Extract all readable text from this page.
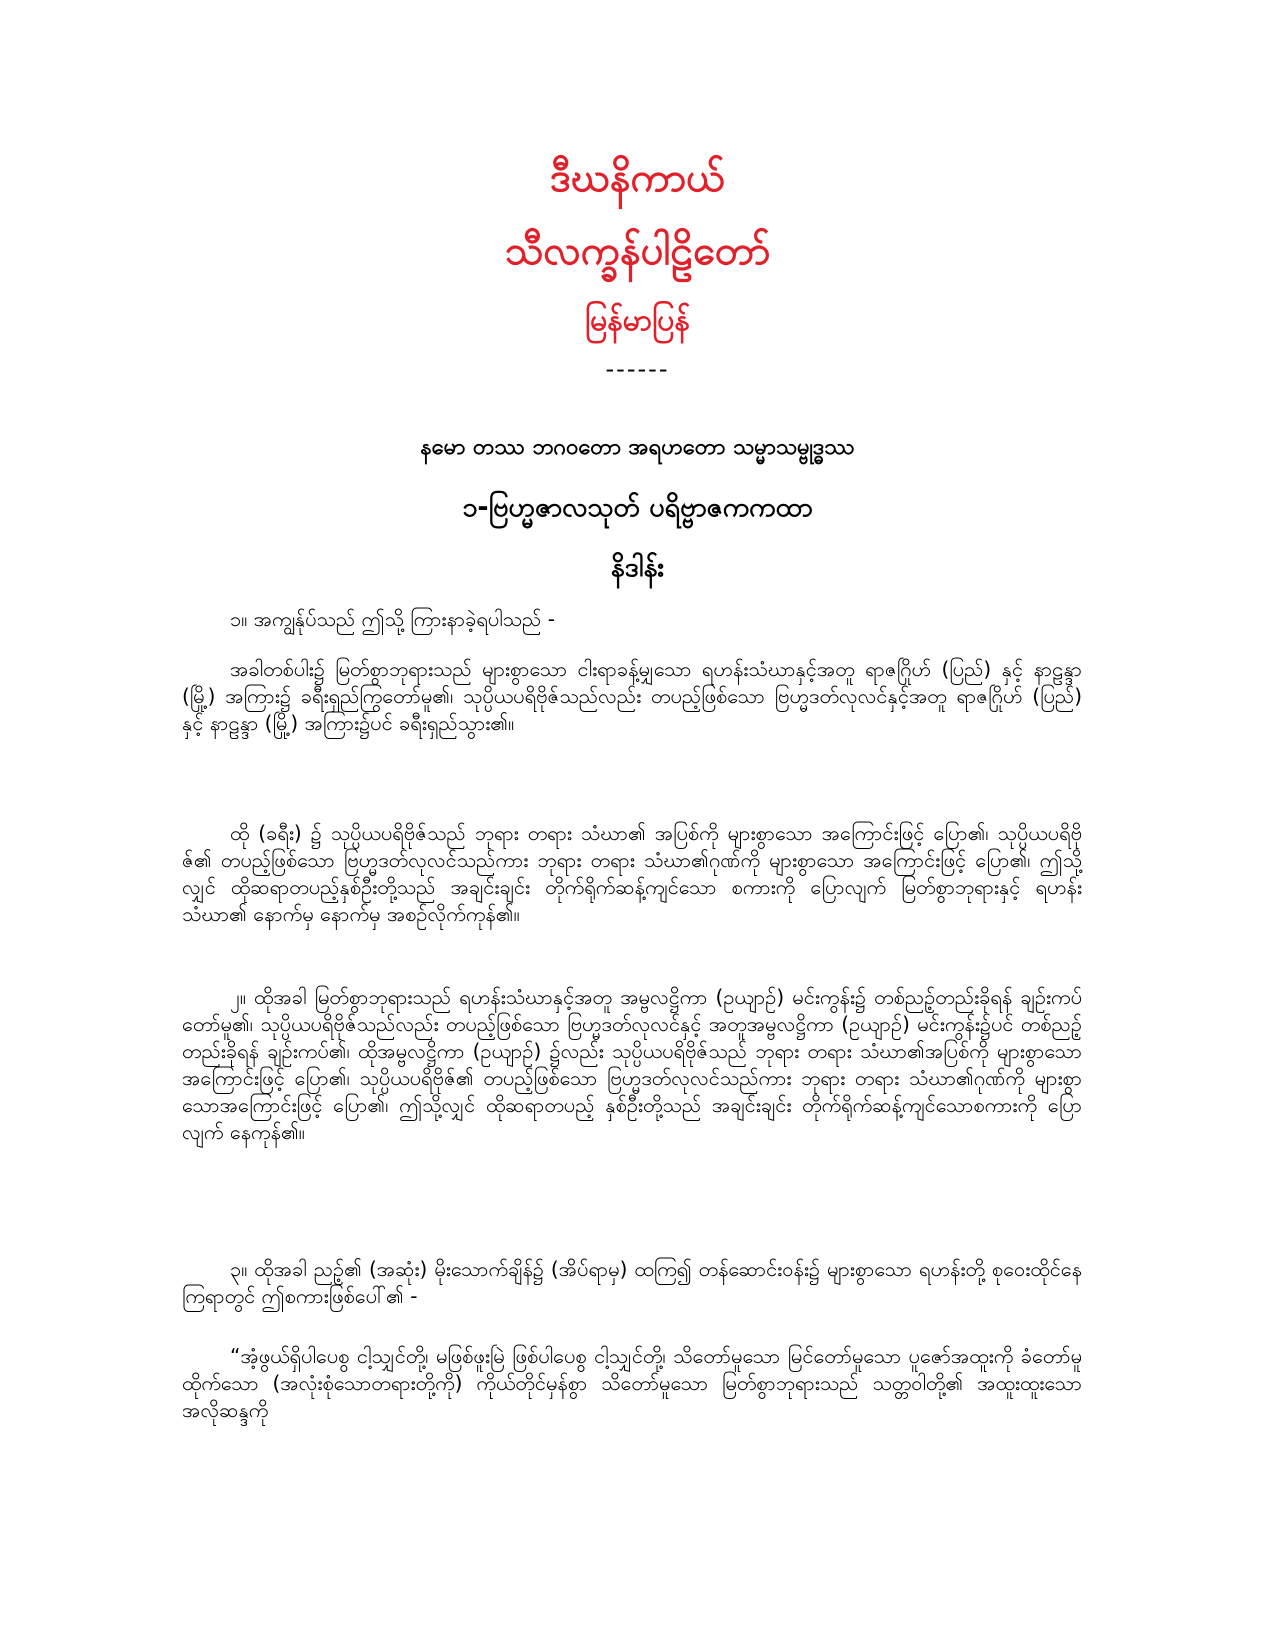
ဒီဃနိကာယ်
သီလက္ခန်ပါဠိတော်
မြန်မာပြန်
------
နမော တဿ ဘဂဝတော အရဟတော သမ္မာသမ္ဗုဒ္ဓဿ
၁-ဗြဟ္မဇာလသုတ် ပရိဗ္ဗာဇကကထာ
နိဒါန်း

၁။ အကျွန်ုပ်သည် ဤသို့ ကြားနာခဲ့ရပါသည် -

အခါတစ်ပါး၌ မြတ်စွာဘုရားသည် များစွာသော ငါးရာခန့်မျှသော ရဟန်းသံဃာနှင့်အတူ ရာဇဂြိုဟ် (ပြည်) နှင့် နာဠန္ဒာ (မြို့) အကြား၌ ခရီးရှည်ကြွတော်မူ၏၊ သုပ္ပိယပရိဗိုဇ်သည်လည်း တပည့်ဖြစ်သော ဗြဟ္မဒတ်လုလင်နှင့်အတူ ရာဇဂြိုဟ် (ပြည်) နှင့် နာဠန္ဒာ (မြို့) အကြား၌ပင် ခရီးရှည်သွား၏။

ထို (ခရီး) ၌ သုပ္ပိယပရိဗိုဇ်သည် ဘုရား တရား သံဃာ၏ အပြစ်ကို များစွာသော အကြောင်းဖြင့် ပြော၏၊ သုပ္ပိယပရိဗိုဇ်၏ တပည့်ဖြစ်သော ဗြဟ္မဒတ်လုလင်သည်ကား ဘုရား တရား သံဃာ၏ဂုဏ်ကို များစွာသော အကြောင်းဖြင့် ပြော၏၊ ဤသို့လျှင် ထိုဆရာတပည့်နှစ်ဦးတို့သည် အချင်းချင်း တိုက်ရိုက်ဆန့်ကျင်သော စကားကို ပြောလျက် မြတ်စွာဘုရားနှင့် ရဟန်းသံဃာ၏ နောက်မှ နောက်မှ အစဉ်လိုက်ကုန်၏။

၂။ ထိုအခါ မြတ်စွာဘုရားသည် ရဟန်းသံဃာနှင့်အတူ အမ္ဗလဋ္ဌိကာ (ဥယျာဉ်) မင်းကွန်း၌ တစ်ညဉ့်တည်းခိုရန် ချဉ်းကပ်တော်မူ၏၊ သုပ္ပိယပရိဗိုဇ်သည်လည်း တပည့်ဖြစ်သော ဗြဟ္မဒတ်လုလင်နှင့် အတူအမ္ဗလဋ္ဌိကာ (ဥယျာဉ်) မင်းကွန်း၌ပင် တစ်ညဉ့်တည်းခိုရန် ချဉ်းကပ်၏၊ ထိုအမ္ဗလဋ္ဌိကာ (ဥယျာဉ်) ၌လည်း သုပ္ပိယပရိဗိုဇ်သည် ဘုရား တရား သံဃာ၏အပြစ်ကို များစွာသောအကြောင်းဖြင့် ပြော၏၊ သုပ္ပိယပရိဗိုဇ်၏ တပည့်ဖြစ်သော ဗြဟ္မဒတ်လုလင်သည်ကား ဘုရား တရား သံဃာ၏ဂုဏ်ကို များစွာသောအကြောင်းဖြင့် ပြော၏၊ ဤသို့လျှင် ထိုဆရာတပည့် နှစ်ဦးတို့သည် အချင်းချင်း တိုက်ရိုက်ဆန့်ကျင်သောစကားကို ပြောလျက် နေကုန်၏။

၃။ ထိုအခါ ညဉ့်၏ (အဆုံး) မိုးသောက်ချိန်၌ (အိပ်ရာမှ) ထကြ၍ တန်ဆောင်းဝန်း၌ များစွာသော ရဟန်းတို့ စုဝေးထိုင်နေကြရာတွင် ဤစကားဖြစ်ပေါ်၏ -

“အံ့ဖွယ်ရှိပါပေစွ ငါ့သျှင်တို့၊ မဖြစ်ဖူးမြဲ ဖြစ်ပါပေစွ ငါ့သျှင်တို့၊ သိတော်မူသော မြင်တော်မူသော ပူဇော်အထူးကို ခံတော်မူထိုက်သော (အလုံးစုံသောတရားတို့ကို) ကိုယ်တိုင်မှန်စွာ သိတော်မူသော မြတ်စွာဘုရားသည် သတ္တဝါတို့၏ အထူးထူးသော အလိုဆန္ဒကို
